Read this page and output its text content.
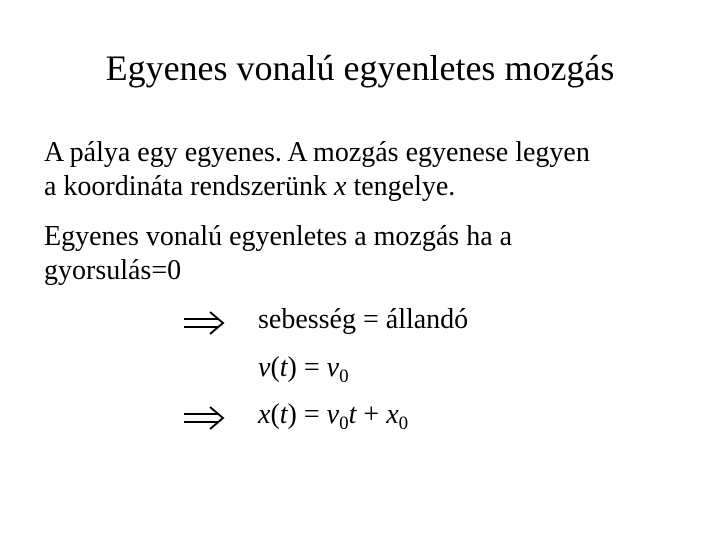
Egyenes vonalú egyenletes mozgás
A pálya egy egyenes. A mozgás egyenese legyen
a koordináta rendszerünk x tengelye.
Egyenes vonalú egyenletes a mozgás ha a
gyorsulás=0
sebesség = állandó
$v(t) = v_0$
$x(t) = v_0t + x_0$
